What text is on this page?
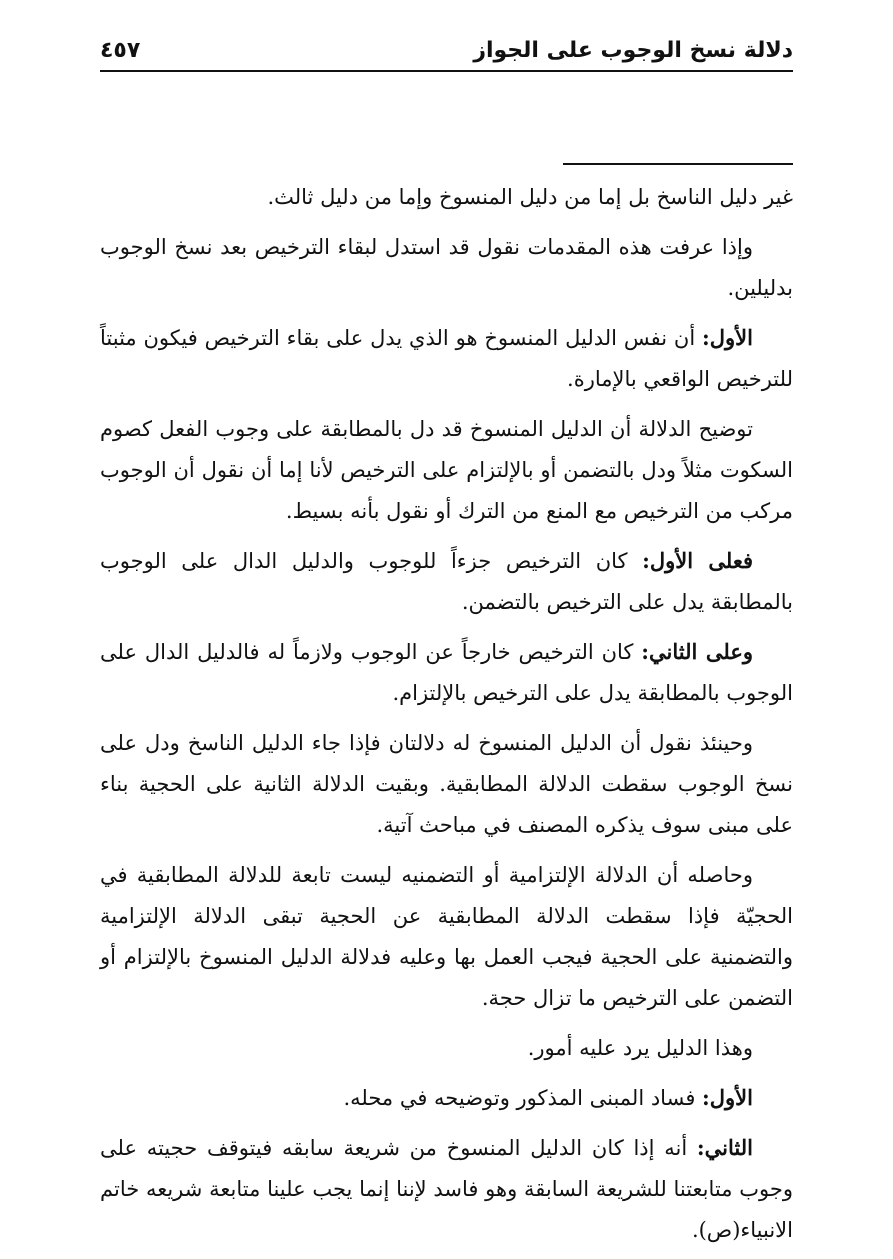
دلالة نسخ الوجوب على الجواز
٤٥٧

غير دليل الناسخ بل إما من دليل المنسوخ وإما من دليل ثالث.

وإذا عرفت هذه المقدمات نقول قد استدل لبقاء الترخيص بعد نسخ الوجوب بدليلين.

الأول: أن نفس الدليل المنسوخ هو الذي يدل على بقاء الترخيص فيكون مثبتاً للترخيص الواقعي بالإمارة.

توضيح الدلالة أن الدليل المنسوخ قد دل بالمطابقة على وجوب الفعل كصوم السكوت مثلاً ودل بالتضمن أو بالإلتزام على الترخيص لأنا إما أن نقول أن الوجوب مركب من الترخيص مع المنع من الترك أو نقول بأنه بسيط.

فعلى الأول: كان الترخيص جزءاً للوجوب والدليل الدال على الوجوب بالمطابقة يدل على الترخيص بالتضمن.

وعلى الثاني: كان الترخيص خارجاً عن الوجوب ولازماً له فالدليل الدال على الوجوب بالمطابقة يدل على الترخيص بالإلتزام.

وحينئذ نقول أن الدليل المنسوخ له دلالتان فإذا جاء الدليل الناسخ ودل على نسخ الوجوب سقطت الدلالة المطابقية. وبقيت الدلالة الثانية على الحجية بناء على مبنى سوف يذكره المصنف في مباحث آتية.

وحاصله أن الدلالة الإلتزامية أو التضمنيه ليست تابعة للدلالة المطابقية في الحجيّة فإذا سقطت الدلالة المطابقية عن الحجية تبقى الدلالة الإلتزامية والتضمنية على الحجية فيجب العمل بها وعليه فدلالة الدليل المنسوخ بالإلتزام أو التضمن على الترخيص ما تزال حجة.

وهذا الدليل يرد عليه أمور.

الأول: فساد المبنى المذكور وتوضيحه في محله.

الثاني: أنه إذا كان الدليل المنسوخ من شريعة سابقه فيتوقف حجيته على وجوب متابعتنا للشريعة السابقة وهو فاسد لإننا إنما يجب علينا متابعة شريعه خاتم الانبياء(ص).
